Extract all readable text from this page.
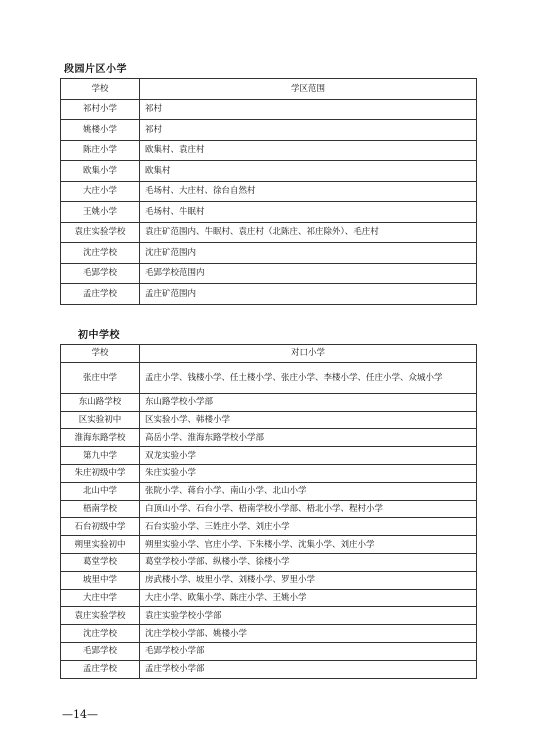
段园片区小学
学校	学区范围
祁村小学	祁村
姚楼小学	祁村
陈庄小学	欧集村、袁庄村
欧集小学	欧集村
大庄小学	毛场村、大庄村、徐台自然村
王姚小学	毛场村、牛眠村
袁庄实验学校	袁庄矿范围内、牛眠村、袁庄村（北陈庄、祁庄除外）、毛庄村
沈庄学校	沈庄矿范围内
毛郢学校	毛郢学校范围内
孟庄学校	孟庄矿范围内
初中学校
学校	对口小学
张庄中学	孟庄小学、钱楼小学、任土楼小学、张庄小学、李楼小学、任庄小学、众城小学
东山路学校	东山路学校小学部
区实验初中	区实验小学、韩楼小学
淮海东路学校	高岳小学、淮海东路学校小学部
第九中学	双龙实验小学
朱庄初级中学	朱庄实验小学
北山中学	张院小学、蒋台小学、南山小学、北山小学
梧南学校	白顶山小学、石台小学、梧南学校小学部、梧北小学、程村小学
石台初级中学	石台实验小学、三姓庄小学、刘庄小学
朔里实验初中	朔里实验小学、官庄小学、下朱楼小学、沈集小学、刘庄小学
葛堂学校	葛堂学校小学部、纵楼小学、徐楼小学
坡里中学	房武楼小学、坡里小学、刘楼小学、罗里小学
大庄中学	大庄小学、欧集小学、陈庄小学、王姚小学
袁庄实验学校	袁庄实验学校小学部
沈庄学校	沈庄学校小学部、姚楼小学
毛郢学校	毛郢学校小学部
孟庄学校	孟庄学校小学部
—14—
